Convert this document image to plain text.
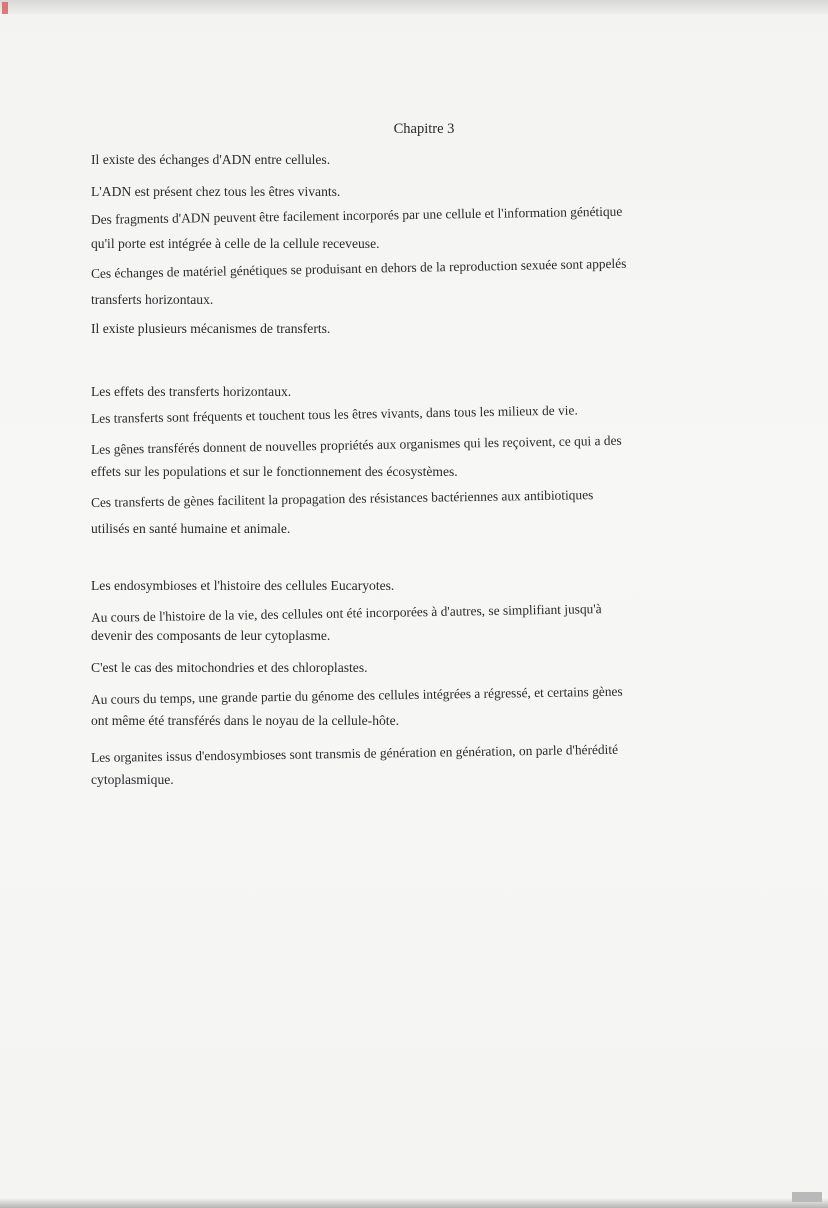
Chapitre 3
Il existe des échanges d'ADN entre cellules.
L'ADN est présent chez tous les êtres vivants.
Des fragments d'ADN peuvent être facilement incorporés par une cellule et l'information génétique
qu'il porte est intégrée à celle de la cellule receveuse.
Ces échanges de matériel génétiques se produisant en dehors de la reproduction sexuée sont appelés
transferts horizontaux.
Il existe plusieurs mécanismes de transferts.
Les effets des transferts horizontaux.
Les transferts sont fréquents et touchent tous les êtres vivants, dans tous les milieux de vie.
Les gênes transférés donnent de nouvelles propriétés aux organismes qui les reçoivent, ce qui a des
effets sur les populations et sur le fonctionnement des écosystèmes.
Ces transferts de gènes facilitent la propagation des résistances bactériennes aux antibiotiques
utilisés en santé humaine et animale.
Les endosymbioses et l'histoire des cellules Eucaryotes.
Au cours de l'histoire de la vie, des cellules ont été incorporées à d'autres, se simplifiant jusqu'à
devenir des composants de leur cytoplasme.
C'est le cas des mitochondries et des chloroplastes.
Au cours du temps, une grande partie du génome des cellules intégrées a régressé, et certains gènes
ont même été transférés dans le noyau de la cellule-hôte.
Les organites issus d'endosymbioses sont transmis de génération en génération, on parle d'hérédité
cytoplasmique.
